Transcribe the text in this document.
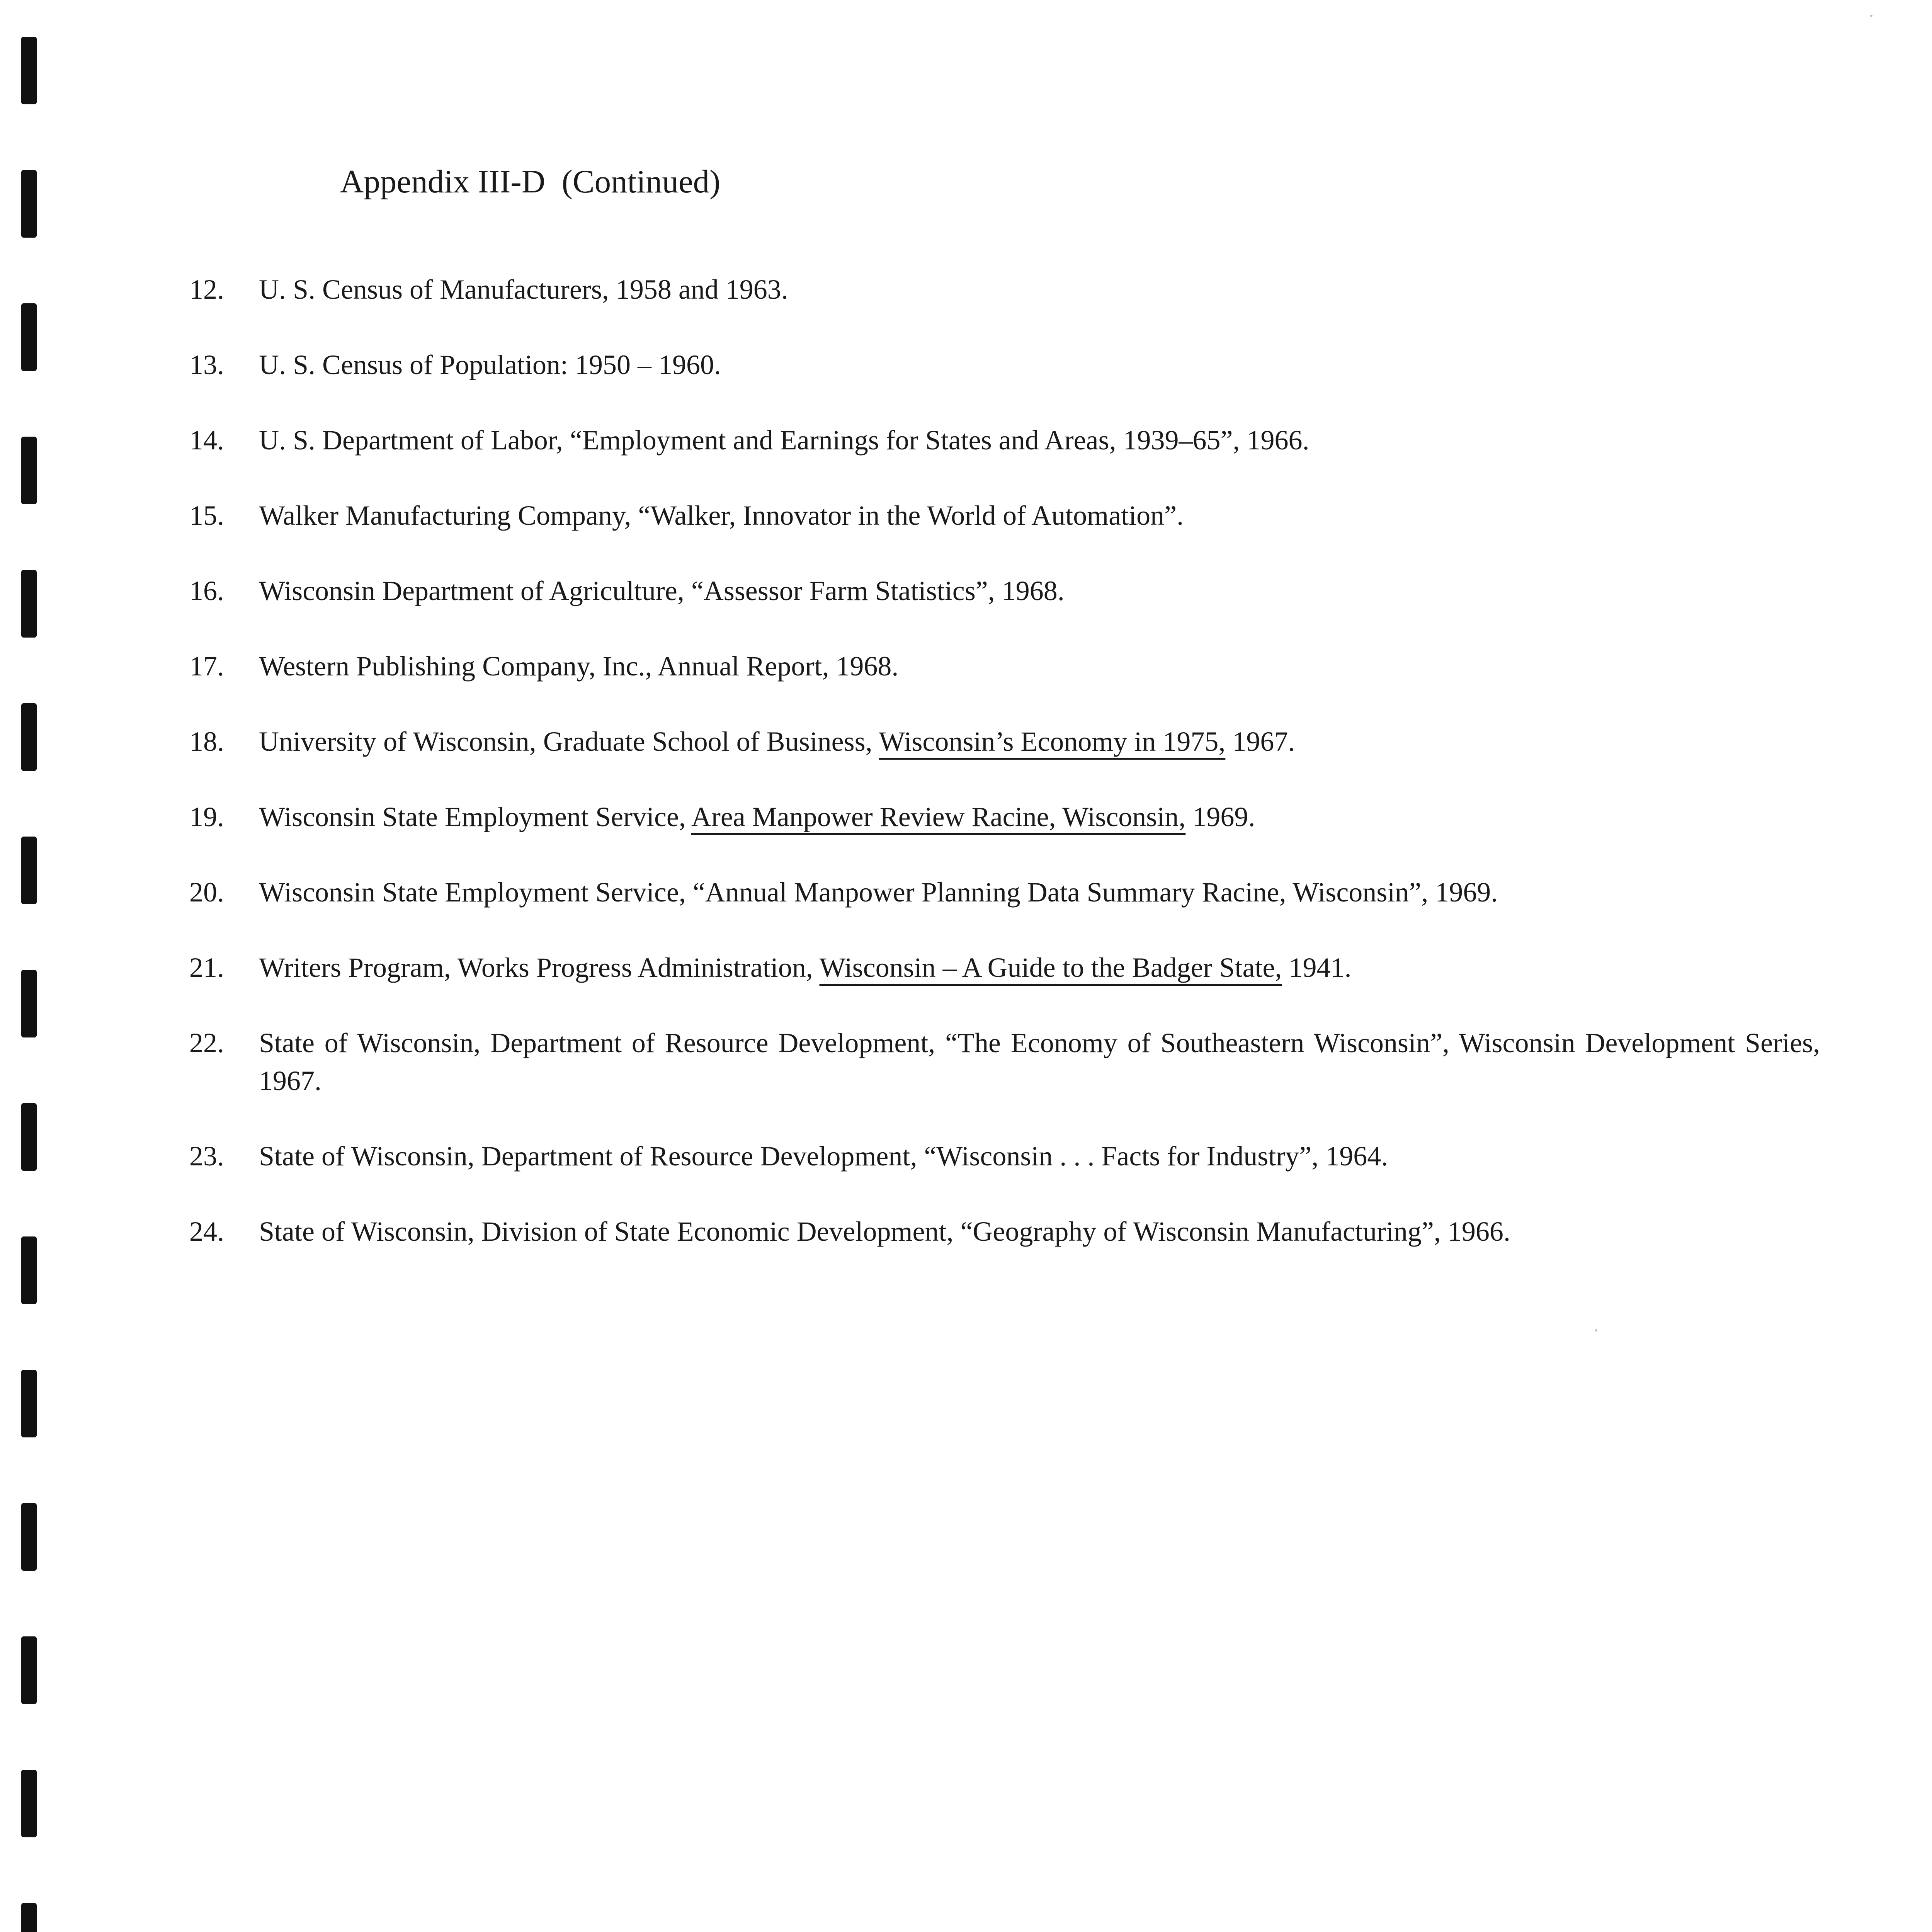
Appendix III-D (Continued)
12. U. S. Census of Manufacturers, 1958 and 1963.
13. U. S. Census of Population: 1950 – 1960.
14. U. S. Department of Labor, “Employment and Earnings for States and Areas, 1939–65”, 1966.
15. Walker Manufacturing Company, “Walker, Innovator in the World of Automation”.
16. Wisconsin Department of Agriculture, “Assessor Farm Statistics”, 1968.
17. Western Publishing Company, Inc., Annual Report, 1968.
18. University of Wisconsin, Graduate School of Business, Wisconsin’s Economy in 1975, 1967.
19. Wisconsin State Employment Service, Area Manpower Review Racine, Wisconsin, 1969.
20. Wisconsin State Employment Service, “Annual Manpower Planning Data Summary Racine, Wisconsin”, 1969.
21. Writers Program, Works Progress Administration, Wisconsin – A Guide to the Badger State, 1941.
22. State of Wisconsin, Department of Resource Development, “The Economy of Southeastern Wisconsin”, Wisconsin Development Series, 1967.
23. State of Wisconsin, Department of Resource Development, “Wisconsin . . . Facts for Industry”, 1964.
24. State of Wisconsin, Division of State Economic Development, “Geography of Wisconsin Manufacturing”, 1966.
